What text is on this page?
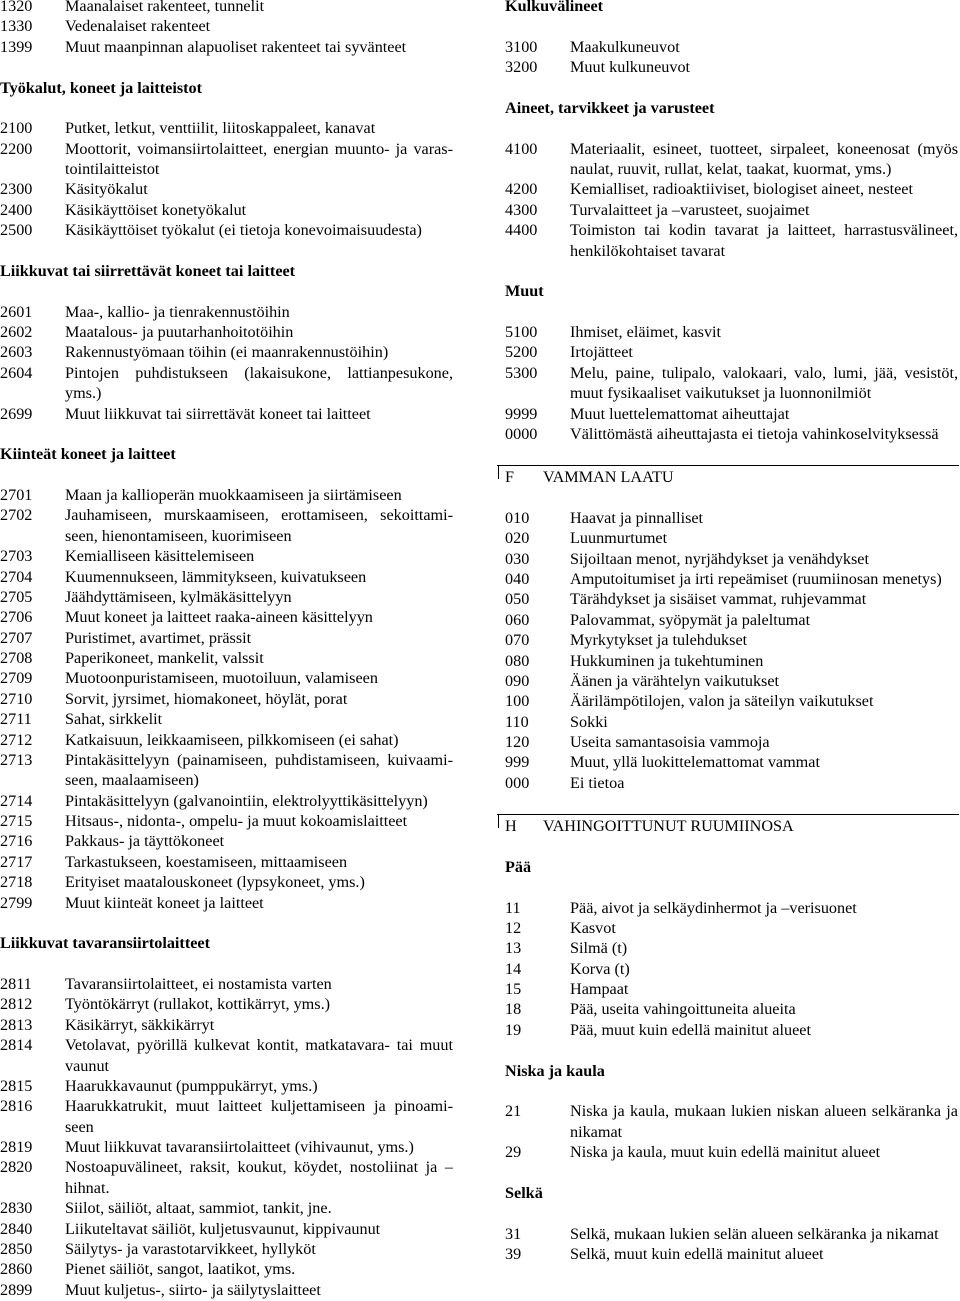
1320	Maanalaiset rakenteet, tunnelit
1330	Vedenalaiset rakenteet
1399	Muut maanpinnan alapuoliset rakenteet tai syvänteet
Työkalut, koneet ja laitteistot
2100	Putket, letkut, venttiilit, liitoskappaleet, kanavat
2200	Moottorit, voimansiirtolaitteet, energian muunto- ja varas-
tointilaitteistot
2300	Käsityökalut
2400	Käsikäyttöiset konetyökalut
2500	Käsikäyttöiset työkalut (ei tietoja konevoimaisuudesta)
Liikkuvat tai siirrettävät koneet tai laitteet
2601	Maa-, kallio- ja tienrakennustöihin
2602	Maatalous- ja puutarhanhoitotöihin
2603	Rakennustyömaan töihin (ei maanrakennustöihin)
2604	Pintojen puhdistukseen (lakaisukone, lattianpesukone,
yms.)
2699	Muut liikkuvat tai siirrettävät koneet tai laitteet
Kiinteät koneet ja laitteet
2701	Maan ja kallioperän muokkaamiseen ja siirtämiseen
2702	Jauhamiseen, murskaamiseen, erottamiseen, sekoittami-
seen, hienontamiseen, kuorimiseen
2703	Kemialliseen käsittelemiseen
2704	Kuumennukseen, lämmitykseen, kuivatukseen
2705	Jäähdyttämiseen, kylmäkäsittelyyn
2706	Muut koneet ja laitteet raaka-aineen käsittelyyn
2707	Puristimet, avartimet, prässit
2708	Paperikoneet, mankelit, valssit
2709	Muotoonpuristamiseen, muotoiluun, valamiseen
2710	Sorvit, jyrsimet, hiomakoneet, höylät, porat
2711	Sahat, sirkkelit
2712	Katkaisuun, leikkaamiseen, pilkkomiseen (ei sahat)
2713	Pintakäsittelyyn (painamiseen, puhdistamiseen, kuivaami-
seen, maalaamiseen)
2714	Pintakäsittelyyn (galvanointiin, elektrolyyttikäsittelyyn)
2715	Hitsaus-, nidonta-, ompelu- ja muut kokoamislaitteet
2716	Pakkaus- ja täyttökoneet
2717	Tarkastukseen, koestamiseen, mittaamiseen
2718	Erityiset maatalouskoneet (lypsykoneet, yms.)
2799	Muut kiinteät koneet ja laitteet
Liikkuvat tavaransiirtolaitteet
2811	Tavaransiirtolaitteet, ei nostamista varten
2812	Työntökärryt (rullakot, kottikärryt, yms.)
2813	Käsikärryt, säkkikärryt
2814	Vetolavat, pyörillä kulkevat kontit, matkatavara- tai muut
vaunut
2815	Haarukkavaunut (pumppukärryt, yms.)
2816	Haarukkatrukit, muut laitteet kuljettamiseen ja pinoami-
seen
2819	Muut liikkuvat tavaransiirtolaitteet (vihivaunut, yms.)
2820	Nostoapuvälineet, raksit, koukut, köydet, nostoliinat ja –
hihnat.
2830	Siilot, säiliöt, altaat, sammiot, tankit, jne.
2840	Liikuteltavat säiliöt, kuljetusvaunut, kippivaunut
2850	Säilytys- ja varastotarvikkeet, hyllyköt
2860	Pienet säiliöt, sangot, laatikot, yms.
2899	Muut kuljetus-, siirto- ja säilytyslaitteet
Kulkuvälineet
3100	Maakulkuneuvot
3200	Muut kulkuneuvot
Aineet, tarvikkeet ja varusteet
4100	Materiaalit, esineet, tuotteet, sirpaleet, koneenosat (myös
naulat, ruuvit, rullat, kelat, taakat, kuormat, yms.)
4200	Kemialliset, radioaktiiviset, biologiset aineet, nesteet
4300	Turvalaitteet ja –varusteet, suojaimet
4400	Toimiston tai kodin tavarat ja laitteet, harrastusvälineet,
henkilökohtaiset tavarat
Muut
5100	Ihmiset, eläimet, kasvit
5200	Irtojätteet
5300	Melu, paine, tulipalo, valokaari, valo, lumi, jää, vesistöt,
muut fysikaaliset vaikutukset ja luonnonilmiöt
9999	Muut luettelemattomat aiheuttajat
0000	Välittömästä aiheuttajasta ei tietoja vahinkoselvityksessä
F	VAMMAN LAATU
010	Haavat ja pinnalliset
020	Luunmurtumet
030	Sijoiltaan menot, nyrjähdykset ja venähdykset
040	Amputoitumiset ja irti repeämiset (ruumiinosan menetys)
050	Tärähdykset ja sisäiset vammat, ruhjevammat
060	Palovammat, syöpymät ja paleltumat
070	Myrkytykset ja tulehdukset
080	Hukkuminen ja tukehtuminen
090	Äänen ja värähtelyn vaikutukset
100	Äärilämpötilojen, valon ja säteilyn vaikutukset
110	Sokki
120	Useita samantasoisia vammoja
999	Muut, yllä luokittelemattomat vammat
000	Ei tietoa
H	VAHINGOITTUNUT RUUMIINOSA
Pää
11	Pää, aivot ja selkäydinhermot ja –verisuonet
12	Kasvot
13	Silmä (t)
14	Korva (t)
15	Hampaat
18	Pää, useita vahingoittuneita alueita
19	Pää, muut kuin edellä mainitut alueet
Niska ja kaula
21	Niska ja kaula, mukaan lukien niskan alueen selkäranka ja
nikamat
29	Niska ja kaula, muut kuin edellä mainitut alueet
Selkä
31	Selkä, mukaan lukien selän alueen selkäranka ja nikamat
39	Selkä, muut kuin edellä mainitut alueet
